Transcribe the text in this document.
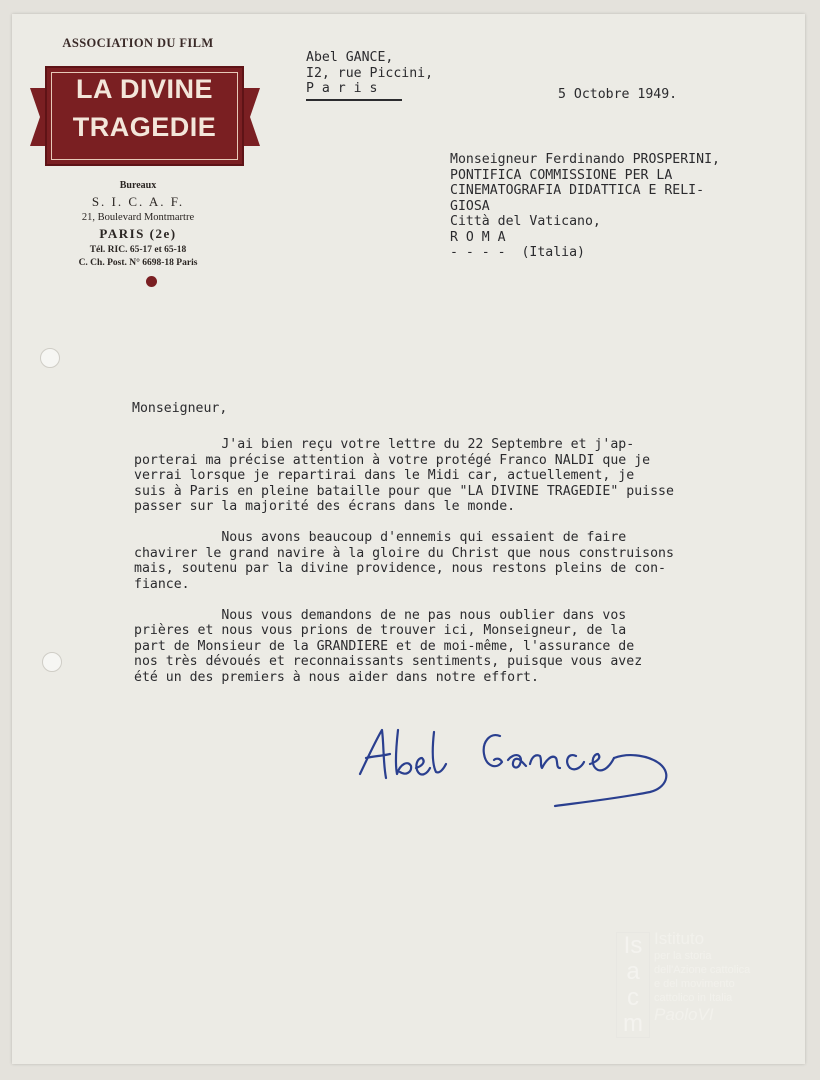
ASSOCIATION DU FILM
LA DIVINE
TRAGEDIE
Bureaux
S. I. C. A. F.
21, Boulevard Montmartre
PARIS (2e)
Tél. RIC. 65-17 et 65-18
C. Ch. Post. N° 6698-18 Paris
Abel GANCE,
I2, rue Piccini,
P a r i s	5 Octobre 1949.
Monseigneur Ferdinando PROSPERINI,
PONTIFICA COMMISSIONE PER LA
CINEMATOGRAFIA DIDATTICA E RELI-
GIOSA
Città del Vaticano,
R O M A
- - - -  (Italia)
Monseigneur,
J'ai bien reçu votre lettre du 22 Septembre et j'ap-
porterai ma précise attention à votre protégé Franco NALDI que je
verrai lorsque je repartirai dans le Midi car, actuellement, je
suis à Paris en pleine bataille pour que "LA DIVINE TRAGEDIE" puisse
passer sur la majorité des écrans dans le monde.

Nous avons beaucoup d'ennemis qui essaient de faire
chavirer le grand navire à la gloire du Christ que nous construisons
mais, soutenu par la divine providence, nous restons pleins de con-
fiance.

Nous vous demandons de ne pas nous oublier dans vos
prières et nous vous prions de trouver ici, Monseigneur, de la
part de Monsieur de la GRANDIERE et de moi-même, l'assurance de
nos très dévoués et reconnaissants sentiments, puisque vous avez
été un des premiers à nous aider dans notre effort.
Abel Gance
Is
a
c
m
Istituto
per la storia
dell'Azione cattolica
e del movimento
cattolico in Italia
PaoloVI
